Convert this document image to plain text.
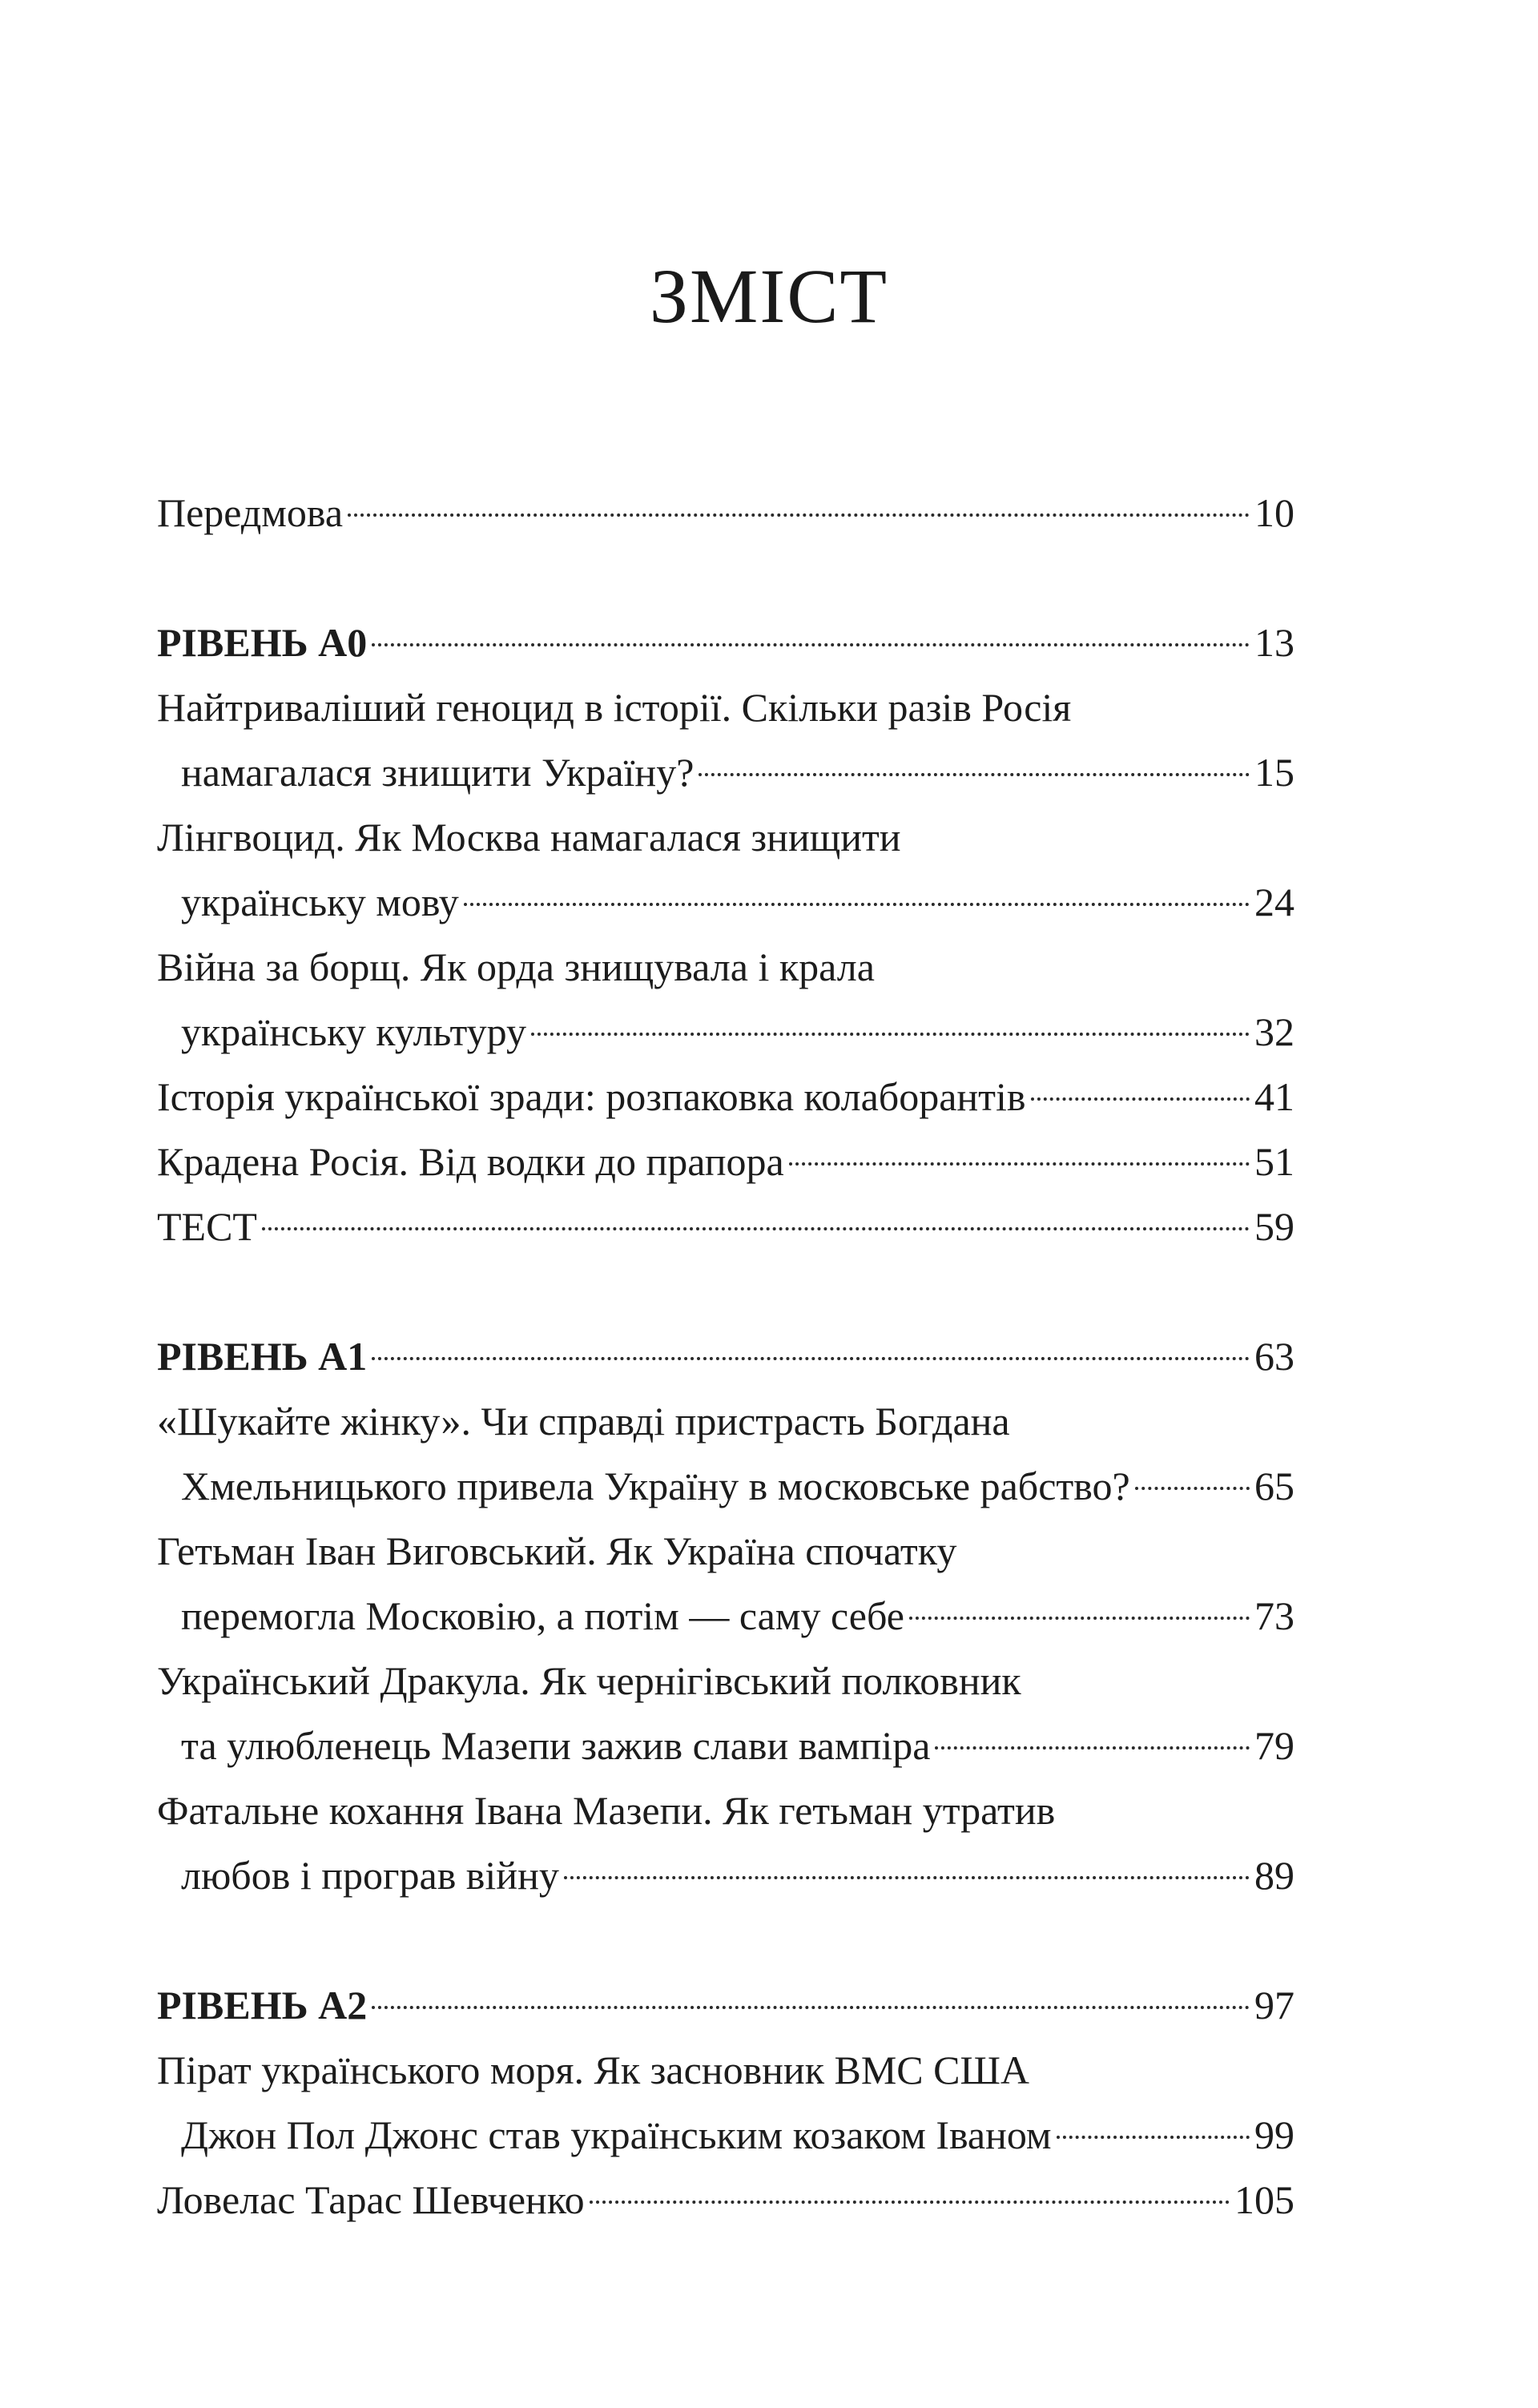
ЗМІСТ
Передмова	10
РІВЕНЬ А0	13
Найтриваліший геноцид в історії. Скільки разів Росія
намагалася знищити Україну?	15
Лінгвоцид. Як Москва намагалася знищити
українську мову	24
Війна за борщ. Як орда знищувала і крала
українську культуру	32
Історія української зради: розпаковка колаборантів	41
Крадена Росія. Від водки до прапора	51
ТЕСТ	59
РІВЕНЬ А1	63
«Шукайте жінку». Чи справді пристрасть Богдана
Хмельницького привела Україну в московське рабство?	65
Гетьман Іван Виговський. Як Україна спочатку
перемогла Московію, а потім — саму себе	73
Український Дракула. Як чернігівський полковник
та улюбленець Мазепи зажив слави вампіра	79
Фатальне кохання Івана Мазепи. Як гетьман утратив
любов і програв війну	89
РІВЕНЬ А2	97
Пірат українського моря. Як засновник ВМС США
Джон Пол Джонс став українським козаком Іваном	99
Ловелас Тарас Шевченко	105
